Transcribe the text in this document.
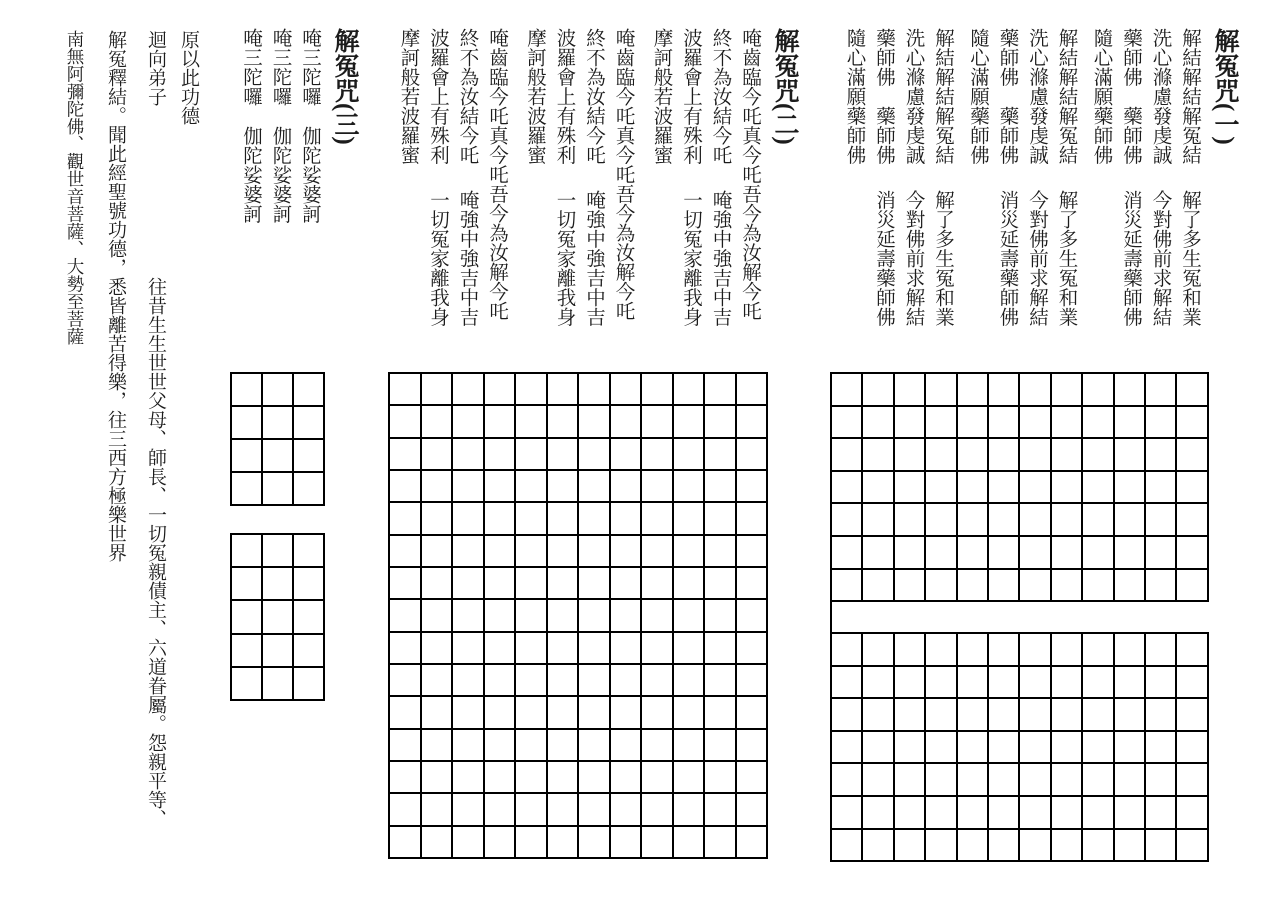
解冤咒(一)
解結解結解冤結
解了多生冤和業
洗心滌慮發虔誠
今對佛前求解結
藥師佛　藥師佛
消災延壽藥師佛
隨心滿願藥師佛
解結解結解冤結
解了多生冤和業
洗心滌慮發虔誠
今對佛前求解結
藥師佛　藥師佛
消災延壽藥師佛
隨心滿願藥師佛
解結解結解冤結
解了多生冤和業
洗心滌慮發虔誠
今對佛前求解結
藥師佛　藥師佛
消災延壽藥師佛
隨心滿願藥師佛
解冤咒(二)
唵齒臨今吒真今吒吾今為汝解今吒
終不為汝結今吒
唵強中強吉中吉
波羅會上有殊利
一切冤家離我身
摩訶般若波羅蜜
唵齒臨今吒真今吒吾今為汝解今吒
終不為汝結今吒
唵強中強吉中吉
波羅會上有殊利
一切冤家離我身
摩訶般若波羅蜜
唵齒臨今吒真今吒吾今為汝解今吒
終不為汝結今吒
唵強中強吉中吉
波羅會上有殊利
一切冤家離我身
摩訶般若波羅蜜
解冤咒(三)
唵三陀囉
伽陀娑婆訶
唵三陀囉
伽陀娑婆訶
唵三陀囉
伽陀娑婆訶
原以此功德
迴向弟子
往昔生生世世父母、師長、一切冤親債主、六道眷屬。怨親平等、
解冤釋結。聞此經聖號功德，悉皆離苦得樂，往三西方極樂世界
南無阿彌陀佛、觀世音菩薩、大勢至菩薩
